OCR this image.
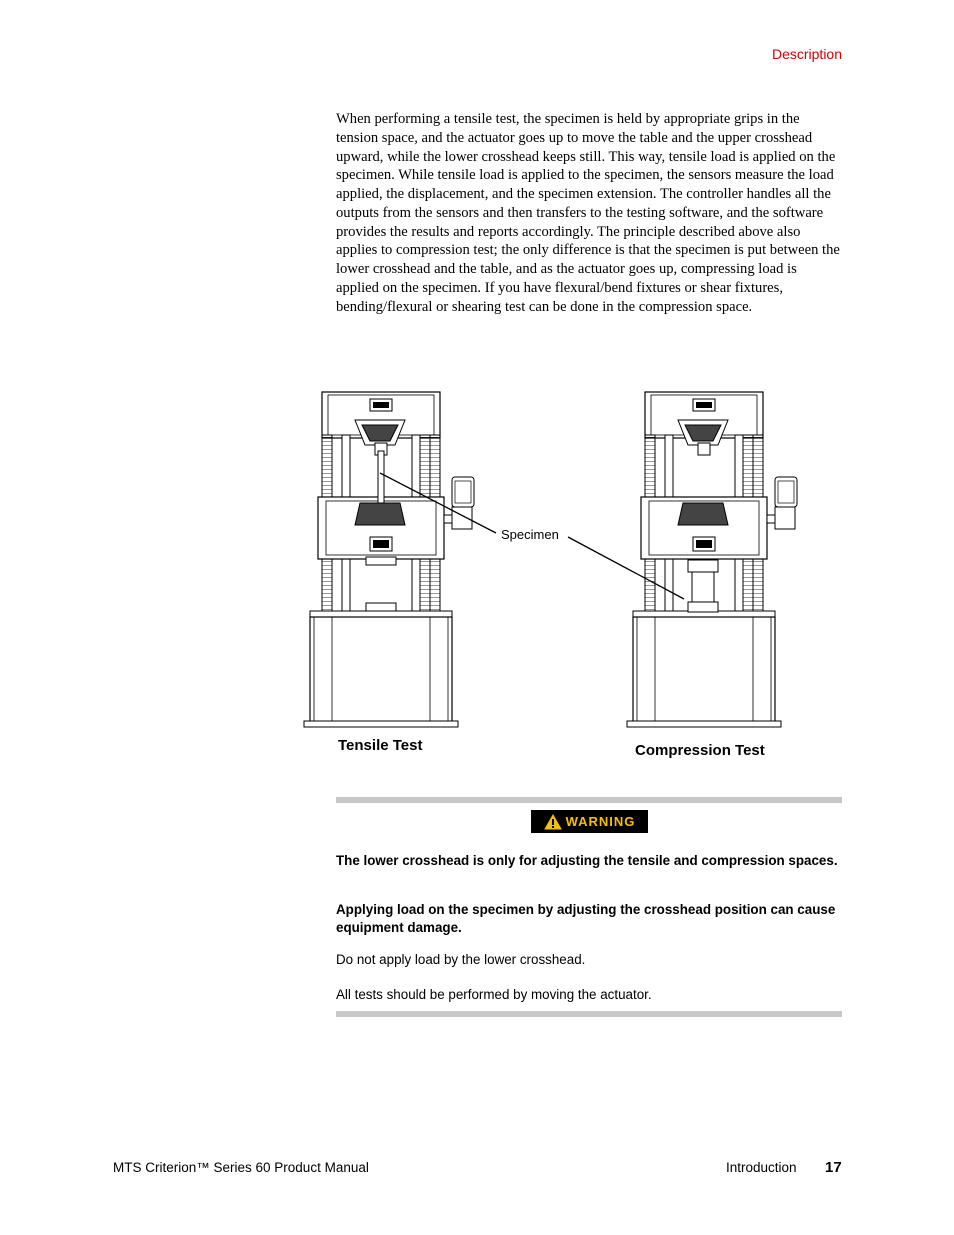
Description
When performing a tensile test, the specimen is held by appropriate grips in the tension space, and the actuator goes up to move the table and the upper crosshead upward, while the lower crosshead keeps still. This way, tensile load is applied on the specimen. While tensile load is applied to the specimen, the sensors measure the load applied, the displacement, and the specimen extension. The controller handles all the outputs from the sensors and then transfers to the testing software, and the software provides the results and reports accordingly. The principle described above also applies to compression test; the only difference is that the specimen is put between the lower crosshead and the table, and as the actuator goes up, compressing load is applied on the specimen. If you have flexural/bend fixtures or shear fixtures, bending/flexural or shearing test can be done in the compression space.
Specimen
Tensile Test	Compression Test
WARNING
The lower crosshead is only for adjusting the tensile and compression spaces.
Applying load on the specimen by adjusting the crosshead position can cause equipment damage.
Do not apply load by the lower crosshead.
All tests should be performed by moving the actuator.
MTS Criterion™ Series 60 Product Manual	Introduction 17
